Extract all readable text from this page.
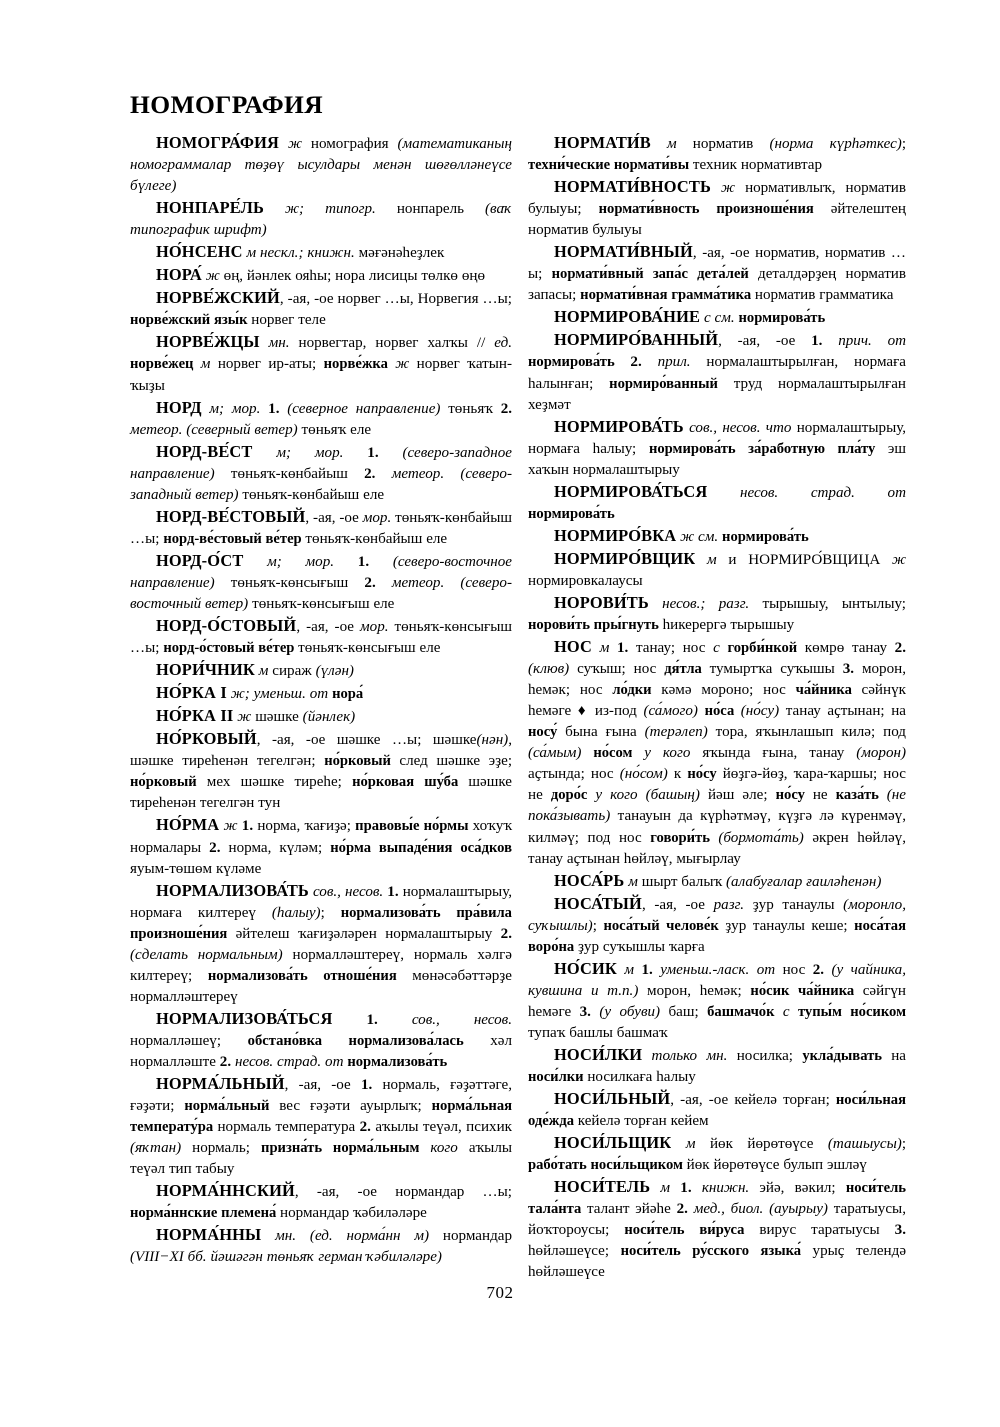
НОМОГРАФИЯ

НОМОГРА́ФИЯ ж номография (математиканың номограммалар төҙөү ысулдары менән шөғөлләнеүсе бүлеге)

НОНПАРЕ́ЛЬ ж; типогр. нонпарель (ваҡ типографик шрифт)

НО́НСЕНС м нескл.; книжн. мәғәнәһеҙлек

НОРА́ ж өң, йәнлек ояһы; нора лисицы төлкө өңө

НОРВЕ́ЖСКИЙ, -ая, -ое норвег …ы, Норвегия …ы; норве́жский язы́к норвег теле

НОРВЕ́ЖЦЫ мн. норвегтар, норвег халҡы // ед. норве́жец м норвег ир-аты; норве́жка ж норвег ҡатын-ҡыҙы

НОРД м; мор. 1. (северное направление) төньяҡ 2. метеор. (северный ветер) төньяҡ еле

НОРД-ВЕ́СТ м; мор. 1. (северо-западное направление) төньяҡ-көнбайыш 2. метеор. (северо-западный ветер) төньяҡ-көнбайыш еле

НОРД-ВЕ́СТОВЫЙ, -ая, -ое мор. төньяҡ-көнбайыш …ы; норд-ве́стовый ве́тер төньяҡ-көнбайыш еле

НОРД-О́СТ м; мор. 1. (северо-восточное направление) төньяҡ-көнсығыш 2. метеор. (северо-восточный ветер) төньяҡ-көнсығыш еле

НОРД-О́СТОВЫЙ, -ая, -ое мор. төньяҡ-көнсығыш …ы; норд-о́стовый ве́тер төньяҡ-көнсығыш еле

НОРИ́ЧНИК м сираж (үлән)

НО́РКА I ж; уменьш. от нора́

НО́РКА II ж шәшке (йәнлек)

НО́РКОВЫЙ, -ая, -ое шәшке …ы; шәшке(нән), шәшке тиреһенән тегелгән; но́рковый след шәшке эҙе; но́рковый мех шәшке тиреһе; но́рковая шу́ба шәшке тиреһенән тегелгән тун

НО́РМА ж 1. норма, ҡағиҙә; правовы́е но́рмы хоҡуҡ нормалары 2. норма, күләм; но́рма выпаде́ния оса́дков яуым-төшөм күләме

НОРМАЛИЗОВА́ТЬ сов., несов. 1. нормалаштырыу, нормаға килтереү (һалыу); нормализова́ть пра́вила произноше́ния әйтелеш ҡағиҙәләрен нормалаштырыу 2. (сделать нормальным) нормалләштереү, нормаль хәлгә килтереү; нормализова́ть отноше́ния мөнәсәбәттәрҙе нормалләштереү

НОРМАЛИЗОВА́ТЬСЯ 1. сов., несов. нормалләшеү; обстано́вка нормализова́лась хәл нормалләште 2. несов. страд. от нормализова́ть

НОРМА́ЛЬНЫЙ, -ая, -ое 1. нормаль, ғәҙәттәге, ғәҙәти; норма́льный вес ғәҙәти ауырлыҡ; норма́льная температу́ра нормаль температура 2. аҡылы теүәл, психик (яҡтан) нормаль; призна́ть норма́льным кого аҡылы теүәл тип табыу

НОРМА́ННСКИЙ, -ая, -ое нормандар …ы; норма́ннские племена́ нормандар ҡәбиләләре

НОРМА́ННЫ мн. (ед. норма́нн м) нормандар (VIII−XI бб. йәшәгән төньяҡ герман ҡәбиләләре)

НОРМАТИ́В м норматив (норма күрһәткес); техни́ческие нормати́вы техник нормативтар

НОРМАТИ́ВНОСТЬ ж нормативлыҡ, норматив булыуы; нормати́вность произноше́ния әйтелештең норматив булыуы

НОРМАТИ́ВНЫЙ, -ая, -ое норматив, норматив …ы; нормати́вный запа́с дета́лей деталдәрҙең норматив запасы; нормати́вная грамма́тика норматив грамматика

НОРМИРОВА́НИЕ с см. нормирова́ть

НОРМИРО́ВАННЫЙ, -ая, -ое 1. прич. от нормирова́ть 2. прил. нормалаштырылған, нормаға һалынған; нормиро́ванный труд нормалаштырылған хеҙмәт

НОРМИРОВА́ТЬ сов., несов. что нормалаштырыу, нормаға һалыу; нормирова́ть за́работную пла́ту эш хаҡын нормалаштырыу

НОРМИРОВА́ТЬСЯ несов. страд. от нормирова́ть

НОРМИРО́ВКА ж см. нормирова́ть

НОРМИРО́ВЩИК м и НОРМИРО́ВЩИЦА ж нормировкалаусы

НОРОВИ́ТЬ несов.; разг. тырышыу, ынтылыу; норови́ть пры́гнуть һикерергә тырышыу

НОС м 1. танау; нос с горби́нкой көмрө танау 2. (клюв) суҡыш; нос дя́тла тумыртҡа суҡышы 3. морон, һемәк; нос ло́дки кәмә мороно; нос ча́йника сәйнүк һемәге ♦ из-под (са́мого) но́са (но́су) танау аҫтынан; на носу́ бына ғына (терәлеп) тора, яҡынлашып килә; под (са́мым) но́сом у кого яҡында ғына, танау (морон) аҫтында; нос (но́сом) к но́су йөҙгә-йөҙ, ҡара-ҡаршы; нос не доро́с у кого (башың) йәш әле; но́су не каза́ть (не пока́зывать) танауын да күрһәтмәү, күҙгә лә күренмәү, килмәү; под нос говори́ть (бормота́ть) әкрен һөйләү, танау аҫтынан һөйләү, мығырлау

НОСА́РЬ м шырт балыҡ (алабуғалар ғаиләһенән)

НОСА́ТЫЙ, -ая, -ое разг. ҙур танаулы (моронло, суҡышлы); носа́тый челове́к ҙур танаулы кеше; носа́тая воро́на ҙур суҡышлы ҡарға

НО́СИК м 1. уменьш.-ласк. от нос 2. (у чайника, кувшина и т.п.) морон, һемәк; но́сик ча́йника сәйгүн һемәге 3. (у обуви) баш; башмачо́к с тупы́м но́сиком тупаҡ башлы башмаҡ

НОСИ́ЛКИ только мн. носилка; укла́дывать на носи́лки носилкаға һалыу

НОСИ́ЛЬНЫЙ, -ая, -ое кейелә торған; носи́льная оде́жда кейелә торған кейем

НОСИ́ЛЬЩИК м йөк йөрөтөүсе (ташыусы); рабо́тать носи́льщиком йөк йөрөтөүсе булып эшләү

НОСИ́ТЕЛЬ м 1. книжн. эйә, вәкил; носи́тель тала́нта талант эйәһе 2. мед., биол. (ауырыу) таратыусы, йоҡтороусы; носи́тель ви́руса вирус таратыусы 3. һөйләшеүсе; носи́тель ру́сского языка́ урыҫ телендә һөйләшеүсе

702
